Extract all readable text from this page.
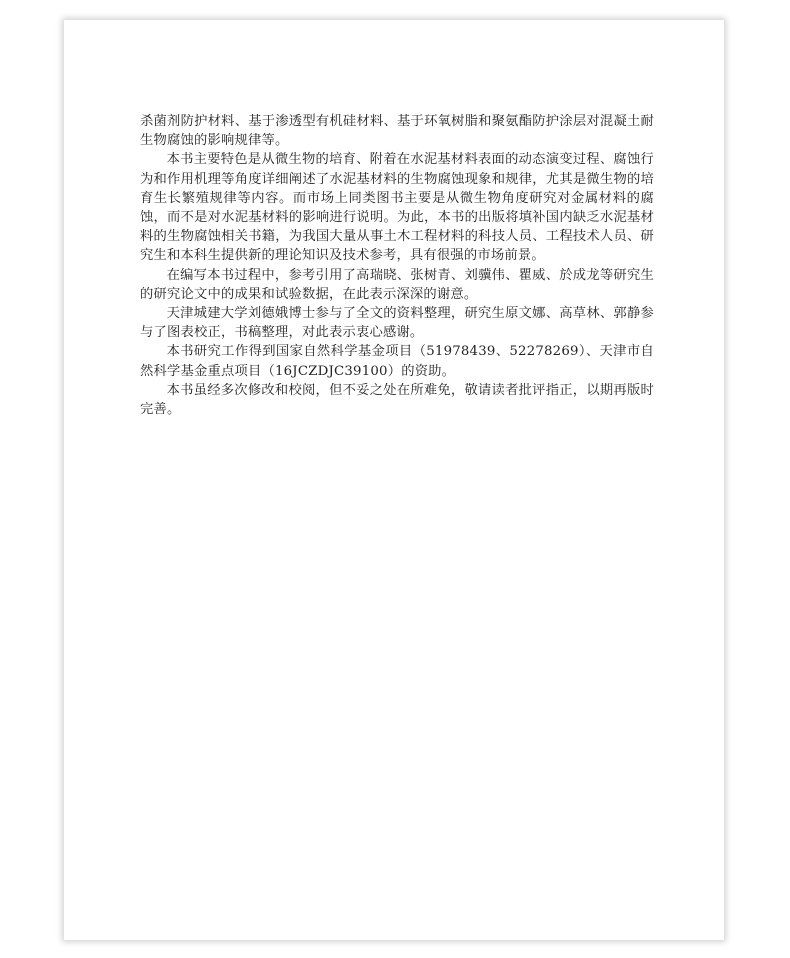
杀菌剂防护材料、基于渗透型有机硅材料、基于环氧树脂和聚氨酯防护涂层对混凝土耐生物腐蚀的影响规律等。

本书主要特色是从微生物的培育、附着在水泥基材料表面的动态演变过程、腐蚀行为和作用机理等角度详细阐述了水泥基材料的生物腐蚀现象和规律，尤其是微生物的培育生长繁殖规律等内容。而市场上同类图书主要是从微生物角度研究对金属材料的腐蚀，而不是对水泥基材料的影响进行说明。为此，本书的出版将填补国内缺乏水泥基材料的生物腐蚀相关书籍，为我国大量从事土木工程材料的科技人员、工程技术人员、研究生和本科生提供新的理论知识及技术参考，具有很强的市场前景。

在编写本书过程中，参考引用了高瑞晓、张树青、刘骥伟、瞿威、於成龙等研究生的研究论文中的成果和试验数据，在此表示深深的谢意。

天津城建大学刘德娥博士参与了全文的资料整理，研究生原文娜、高草林、郭静参与了图表校正，书稿整理，对此表示衷心感谢。

本书研究工作得到国家自然科学基金项目（51978439、52278269）、天津市自然科学基金重点项目（16JCZDJC39100）的资助。

本书虽经多次修改和校阅，但不妥之处在所难免，敬请读者批评指正，以期再版时完善。
